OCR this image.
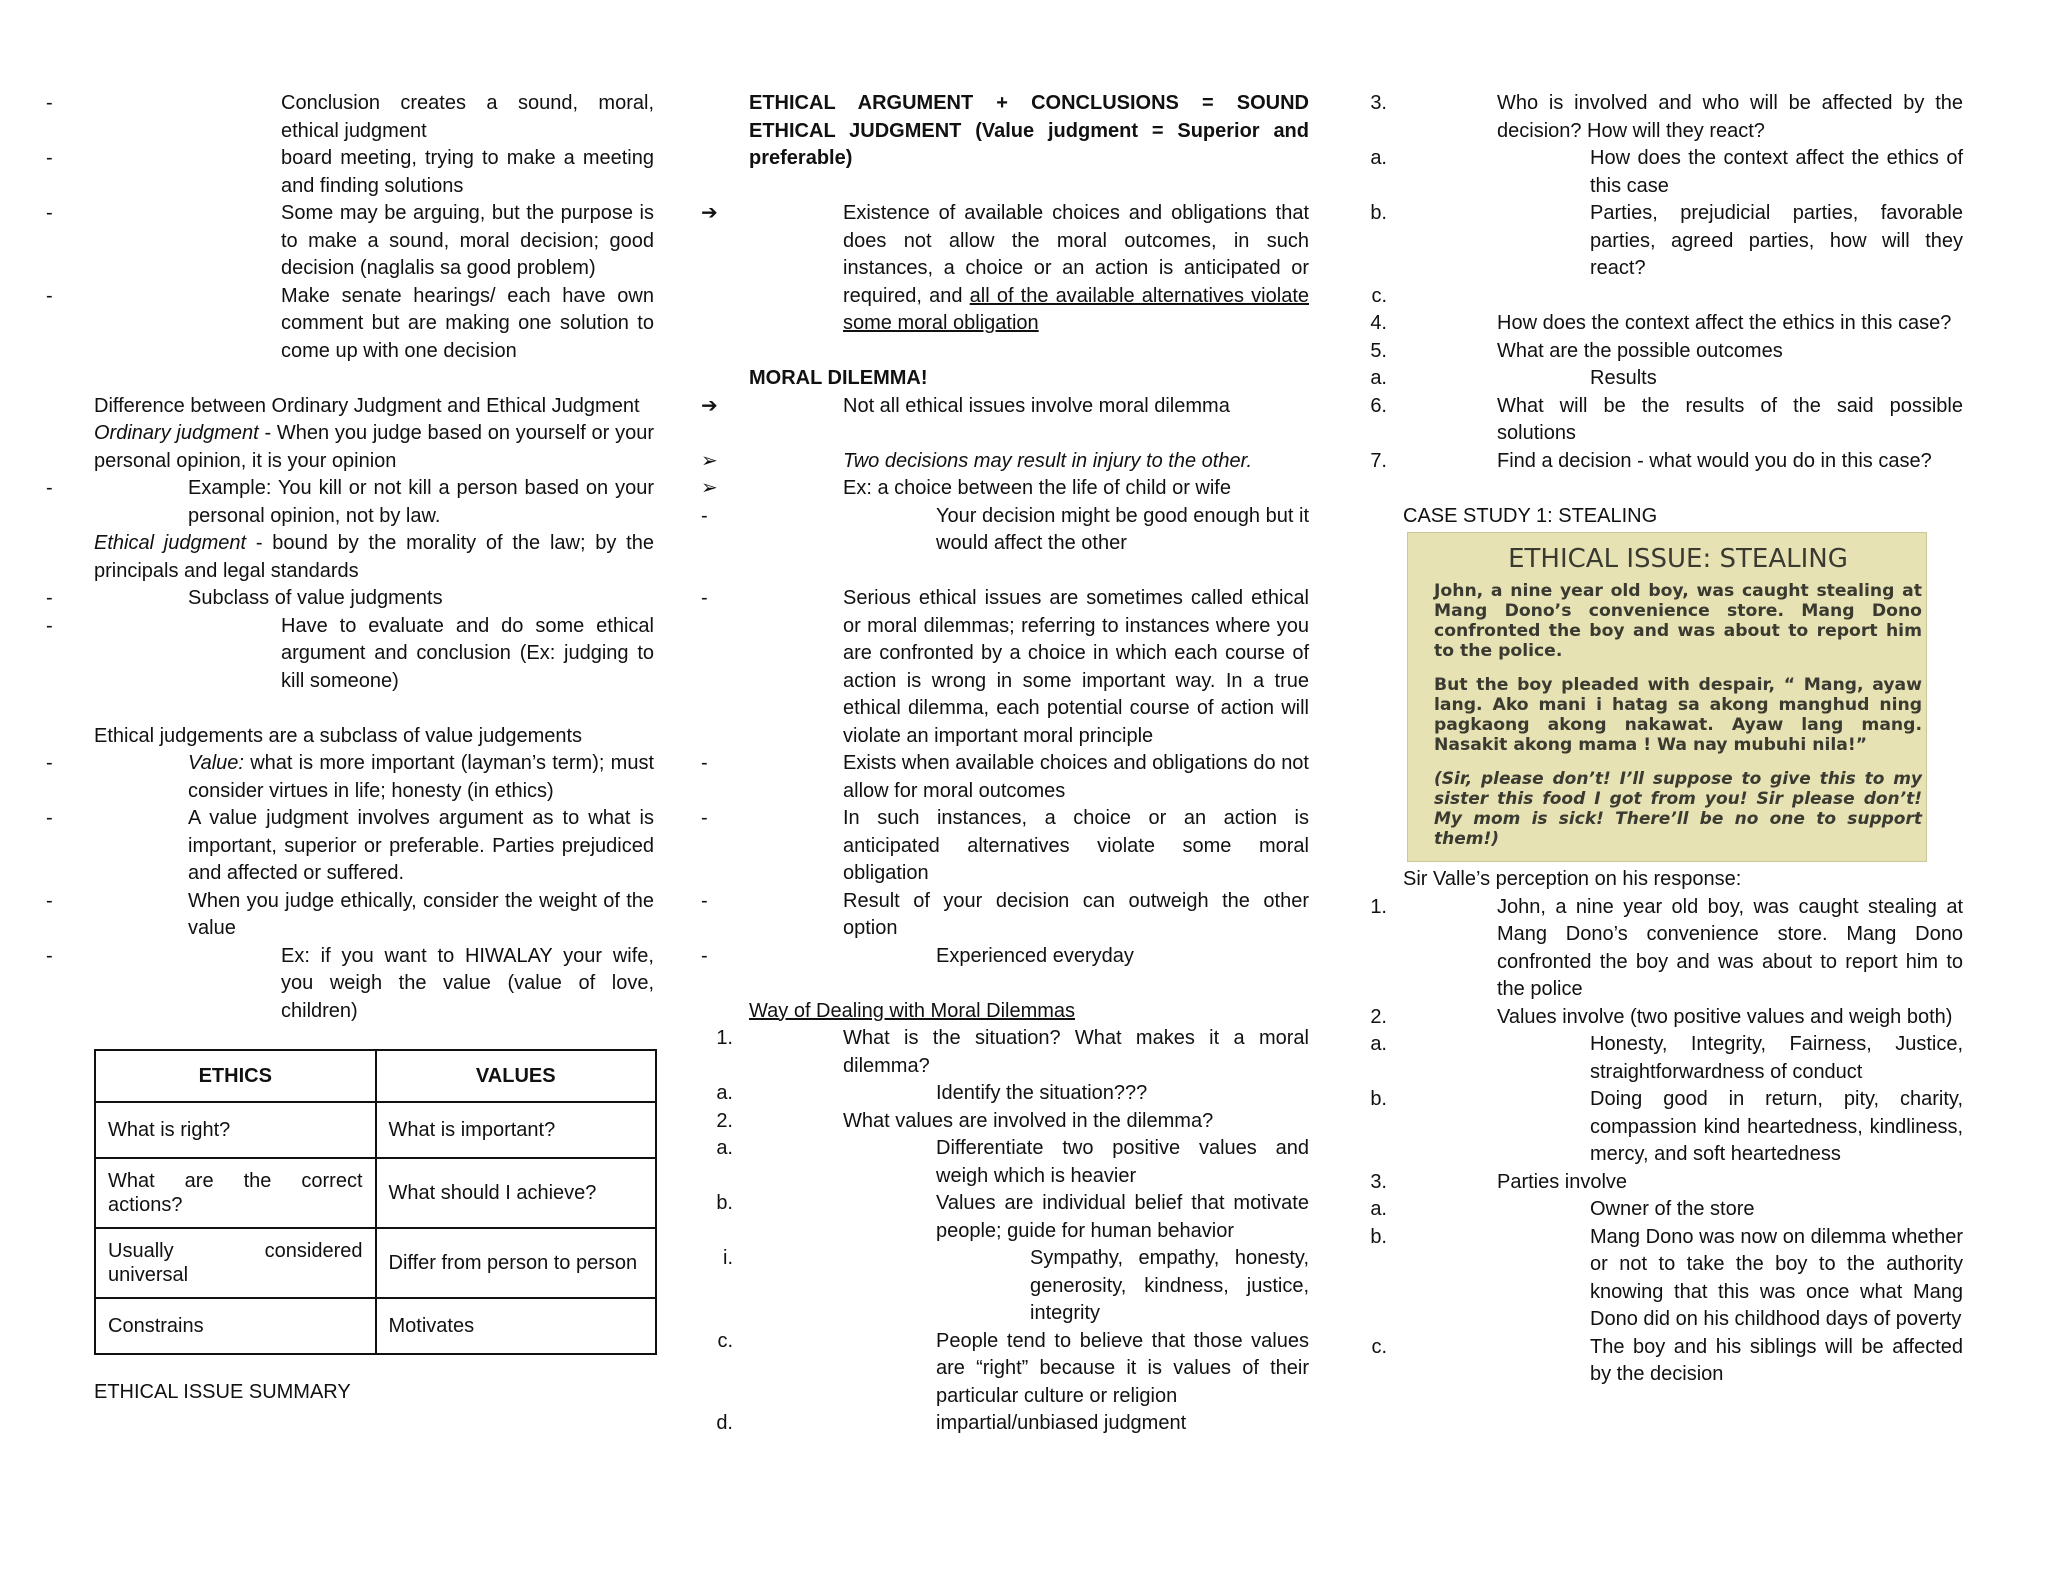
-	Conclusion creates a sound, moral, ethical judgment
-	board meeting, trying to make a meeting and finding solutions
-	Some may be arguing, but the purpose is to make a sound, moral decision; good decision (naglalis sa good problem)
-	Make senate hearings/ each have own comment but are making one solution to come up with one decision

Difference between Ordinary Judgment and Ethical Judgment

Ordinary judgment - When you judge based on yourself or your personal opinion, it is your opinion

-	Example: You kill or not kill a person based on your personal opinion, not by law.

Ethical judgment - bound by the morality of the law; by the principals and legal standards

-	Subclass of value judgments
-	Have to evaluate and do some ethical argument and conclusion (Ex: judging to kill someone)

Ethical judgements are a subclass of value judgements

-	Value: what is more important (layman’s term); must consider virtues in life; honesty (in ethics)
-	A value judgment involves argument as to what is important, superior or preferable. Parties prejudiced and affected or suffered.
-	When you judge ethically, consider the weight of the value
-	Ex: if you want to HIWALAY your wife, you weigh the value (value of love, children)
ETHICS	VALUES
What is right?	What is important?
What are the correct actions?	What should I achieve?
Usually considered universal	Differ from person to person
Constrains	Motivates

ETHICAL ISSUE SUMMARY

ETHICAL ARGUMENT + CONCLUSIONS = SOUND ETHICAL JUDGMENT (Value judgment = Superior and preferable)

➔	Existence of available choices and obligations that does not allow the moral outcomes, in such instances, a choice or an action is anticipated or required, and all of the available alternatives violate some moral obligation

MORAL DILEMMA!

➔	Not all ethical issues involve moral dilemma
➢	Two decisions may result in injury to the other.
➢	Ex: a choice between the life of child or wife
-	Your decision might be good enough but it would affect the other
-	Serious ethical issues are sometimes called ethical or moral dilemmas; referring to instances where you are confronted by a choice in which each course of action is wrong in some important way. In a true ethical dilemma, each potential course of action will violate an important moral principle
-	Exists when available choices and obligations do not allow for moral outcomes
-	In such instances, a choice or an action is anticipated alternatives violate some moral obligation
-	Result of your decision can outweigh the other option
-	Experienced everyday

Way of Dealing with Moral Dilemmas

1.	What is the situation? What makes it a moral dilemma?
a.	Identify the situation???
2.	What values are involved in the dilemma?
a.	Differentiate two positive values and weigh which is heavier
b.	Values are individual belief that motivate people; guide for human behavior
i.	Sympathy, empathy, honesty, generosity, kindness, justice, integrity
c.	People tend to believe that those values are “right” because it is values of their particular culture or religion
d.	impartial/unbiased judgment
3.	Who is involved and who will be affected by the decision? How will they react?
a.	How does the context affect the ethics of this case
b.	Parties, prejudicial parties, favorable parties, agreed parties, how will they react?
c.
4.	How does the context affect the ethics in this case?
5.	What are the possible outcomes
a.	Results
6.	What will be the results of the said possible solutions
7.	Find a decision - what would you do in this case?

CASE STUDY 1: STEALING

ETHICAL ISSUE: STEALING

John, a nine year old boy, was caught stealing at Mang Dono’s convenience store. Mang Dono confronted the boy and was about to report him to the police.

But the boy pleaded with despair, “ Mang, ayaw lang. Ako mani i hatag sa akong manghud ning pagkaong akong nakawat. Ayaw lang mang. Nasakit akong mama ! Wa nay mubuhi nila!”

(Sir, please don’t! I’ll suppose to give this to my sister this food I got from you! Sir please don’t! My mom is sick! There’ll be no one to support them!)

Sir Valle’s perception on his response:

1.	John, a nine year old boy, was caught stealing at Mang Dono’s convenience store. Mang Dono confronted the boy and was about to report him to the police
2.	Values involve (two positive values and weigh both)
a.	Honesty, Integrity, Fairness, Justice, straightforwardness of conduct
b.	Doing good in return, pity, charity, compassion kind heartedness, kindliness, mercy, and soft heartedness
3.	Parties involve
a.	Owner of the store
b.	Mang Dono was now on dilemma whether or not to take the boy to the authority knowing that this was once what Mang Dono did on his childhood days of poverty
c.	The boy and his siblings will be affected by the decision
